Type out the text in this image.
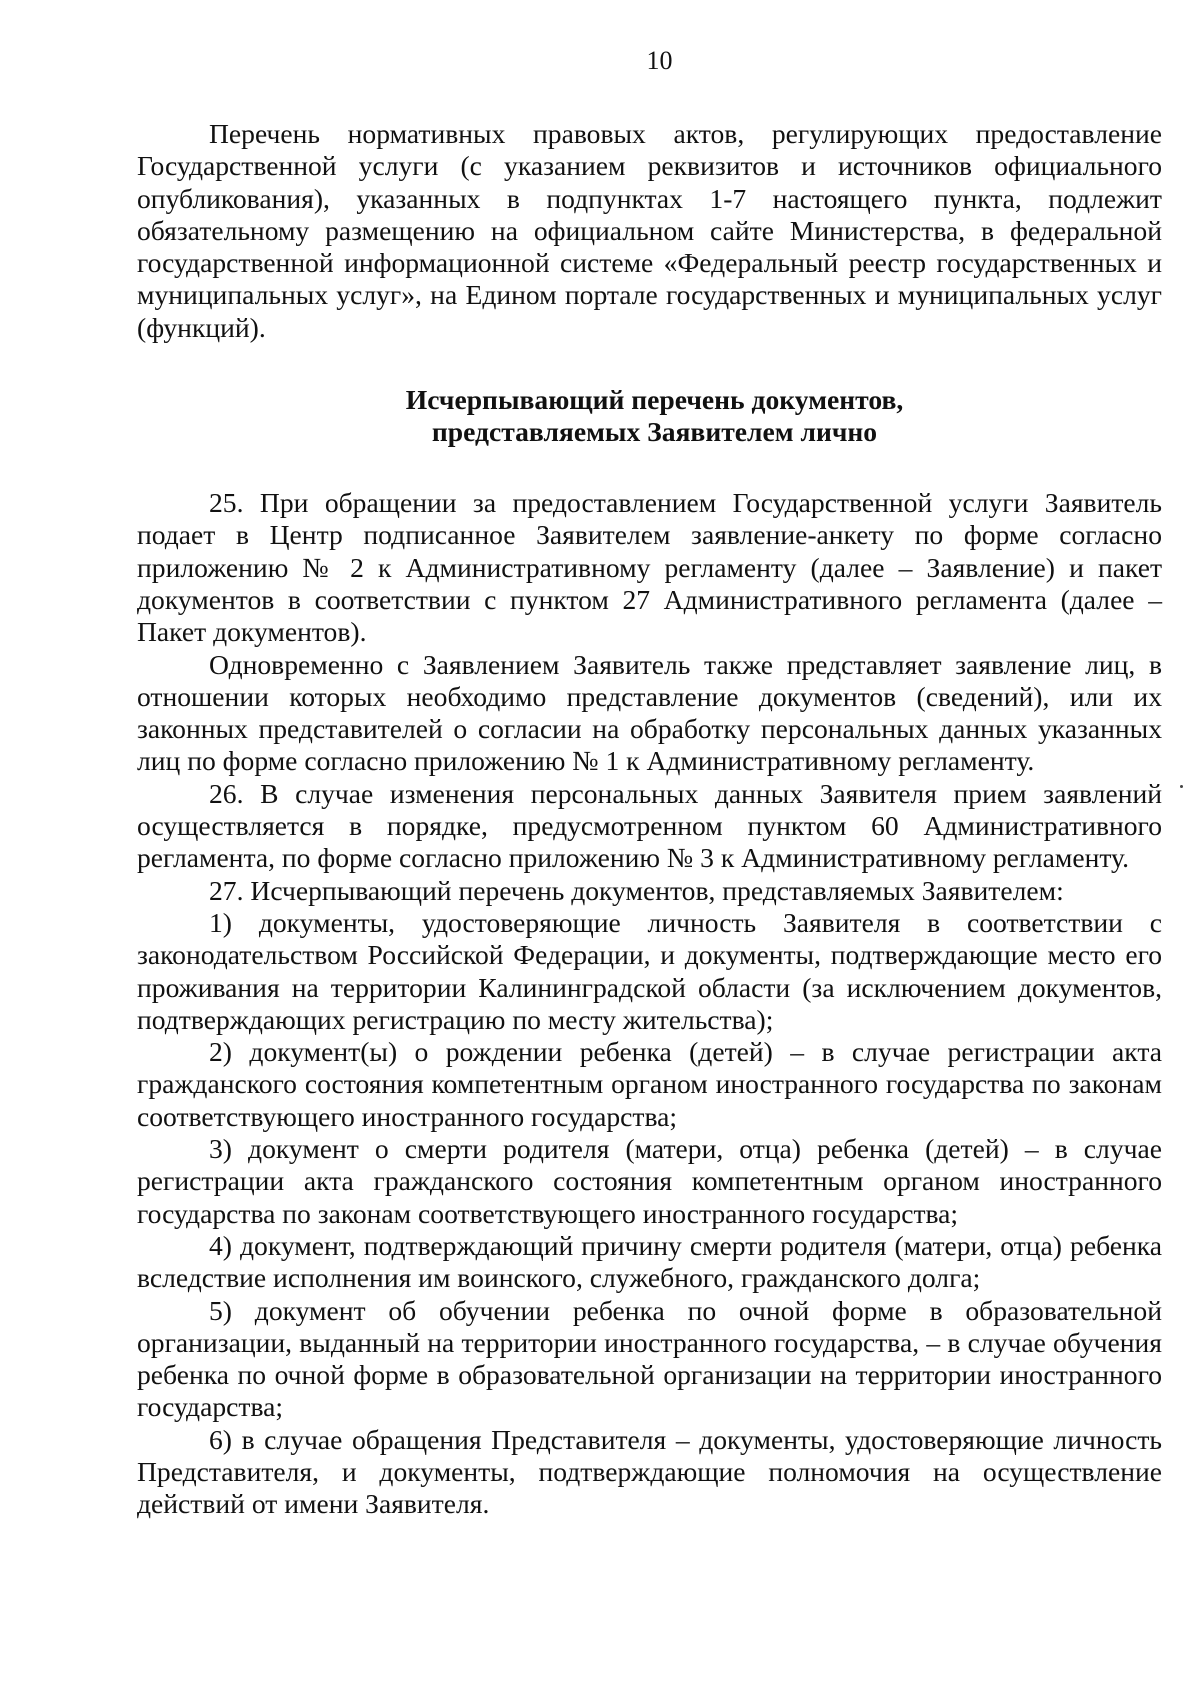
10

Перечень нормативных правовых актов, регулирующих предоставление Государственной услуги (с указанием реквизитов и источников официального опубликования), указанных в подпунктах 1-7 настоящего пункта, подлежит обязательному размещению на официальном сайте Министерства, в федеральной государственной информационной системе «Федеральный реестр государственных и муниципальных услуг», на Едином портале государственных и муниципальных услуг (функций).

Исчерпывающий перечень документов,
представляемых Заявителем лично

25. При обращении за предоставлением Государственной услуги Заявитель подает в Центр подписанное Заявителем заявление-анкету по форме согласно приложению № 2 к Административному регламенту (далее – Заявление) и пакет документов в соответствии с пунктом 27 Административного регламента (далее – Пакет документов).

Одновременно с Заявлением Заявитель также представляет заявление лиц, в отношении которых необходимо представление документов (сведений), или их законных представителей о согласии на обработку персональных данных указанных лиц по форме согласно приложению № 1 к Административному регламенту.

26. В случае изменения персональных данных Заявителя прием заявлений осуществляется в порядке, предусмотренном пунктом 60 Административного регламента, по форме согласно приложению № 3 к Административному регламенту.

27. Исчерпывающий перечень документов, представляемых Заявителем:

1) документы, удостоверяющие личность Заявителя в соответствии с законодательством Российской Федерации, и документы, подтверждающие место его проживания на территории Калининградской области (за исключением документов, подтверждающих регистрацию по месту жительства);

2) документ(ы) о рождении ребенка (детей) – в случае регистрации акта гражданского состояния компетентным органом иностранного государства по законам соответствующего иностранного государства;

3) документ о смерти родителя (матери, отца) ребенка (детей) – в случае регистрации акта гражданского состояния компетентным органом иностранного государства по законам соответствующего иностранного государства;

4) документ, подтверждающий причину смерти родителя (матери, отца) ребенка вследствие исполнения им воинского, служебного, гражданского долга;

5) документ об обучении ребенка по очной форме в образовательной организации, выданный на территории иностранного государства, – в случае обучения ребенка по очной форме в образовательной организации на территории иностранного государства;

6) в случае обращения Представителя – документы, удостоверяющие личность Представителя, и документы, подтверждающие полномочия на осуществление действий от имени Заявителя.
